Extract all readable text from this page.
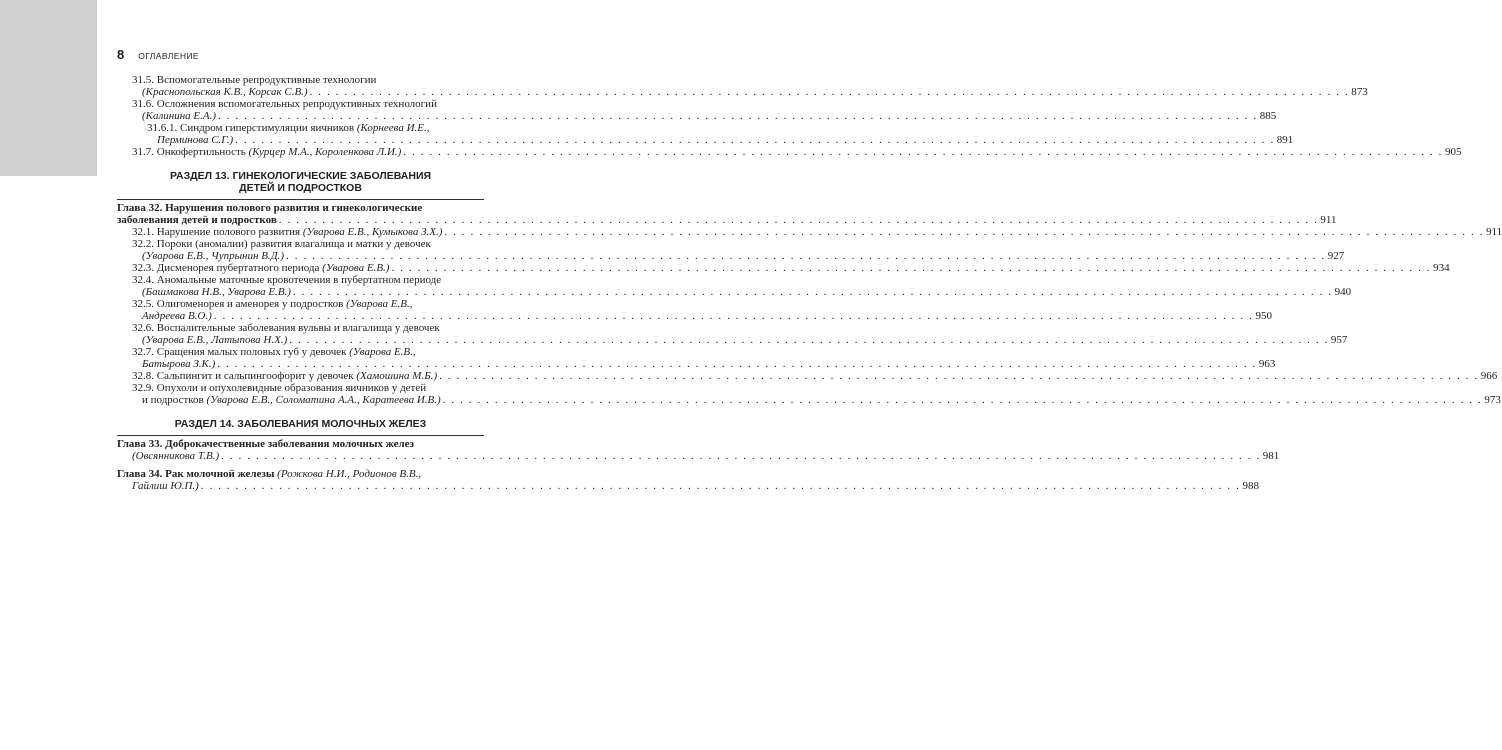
8 ОГЛАВЛЕНИЕ
31.5. Вспомогательные репродуктивные технологии
(Краснопольская К.В., Корсак С.В.) . . .	873
31.6. Осложнения вспомогательных репродуктивных технологий
(Калинина Е.А.) . . .	885
31.6.1. Синдром гиперстимуляции яичников (Корнеева И.Е.,
Перминова С.Г.) . . .	891
31.7. Онкофертильность (Курцер М.А., Короленкова Л.И.) . . .	905
РАЗДЕЛ 13. ГИНЕКОЛОГИЧЕСКИЕ ЗАБОЛЕВАНИЯ
ДЕТЕЙ И ПОДРОСТКОВ
Глава 32. Нарушения полового развития и гинекологические
заболевания детей и подростков . . .	911
32.1. Нарушение полового развития (Уварова Е.В., Кумыкова З.Х.) . . .	911
32.2. Пороки (аномалии) развития влагалища и матки у девочек
(Уварова Е.В., Чупрынин В.Д.) . . .	927
32.3. Дисменорея пубертатного периода (Уварова Е.В.) . . .	934
32.4. Аномальные маточные кровотечения в пубертатном периоде
(Башмакова Н.В., Уварова Е.В.) . . .	940
32.5. Олигоменорея и аменорея у подростков (Уварова Е.В.,
Андреева В.О.) . . .	950
32.6. Воспалительные заболевания вульвы и влагалища у девочек
(Уварова Е.В., Латыпова Н.Х.) . . .	957
32.7. Сращения малых половых губ у девочек (Уварова Е.В.,
Батырова З.К.) . . .	963
32.8. Сальпингит и сальпингоофорит у девочек (Хамошина М.Б.) . . .	966
32.9. Опухоли и опухолевидные образования яичников у детей
и подростков (Уварова Е.В., Соломатина А.А., Каратеева И.В.) . . .	973
РАЗДЕЛ 14. ЗАБОЛЕВАНИЯ МОЛОЧНЫХ ЖЕЛЕЗ
Глава 33. Доброкачественные заболевания молочных желез
(Овсянникова Т.В.) . . .	981
Глава 34. Рак молочной железы (Рожкова Н.И., Родионов В.В.,
Гайлиш Ю.П.) . . .	988
